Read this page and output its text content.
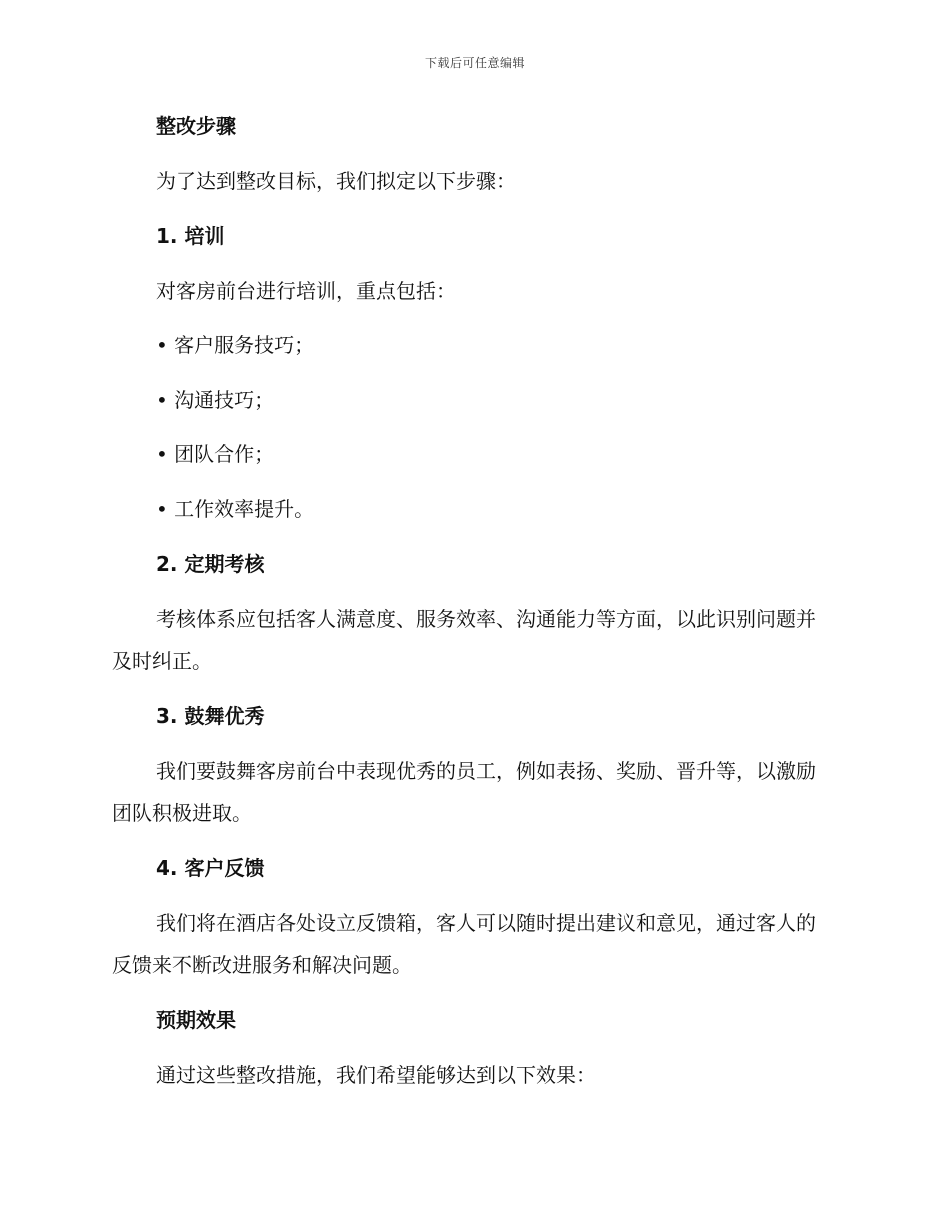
下载后可任意编辑
整改步骤
为了达到整改目标，我们拟定以下步骤：
1. 培训
对客房前台进行培训，重点包括：
• 客户服务技巧；
• 沟通技巧；
• 团队合作；
• 工作效率提升。
2. 定期考核
考核体系应包括客人满意度、服务效率、沟通能力等方面，以此识别问题并及时纠正。
3. 鼓舞优秀
我们要鼓舞客房前台中表现优秀的员工，例如表扬、奖励、晋升等，以激励团队积极进取。
4. 客户反馈
我们将在酒店各处设立反馈箱，客人可以随时提出建议和意见，通过客人的反馈来不断改进服务和解决问题。
预期效果
通过这些整改措施，我们希望能够达到以下效果：
